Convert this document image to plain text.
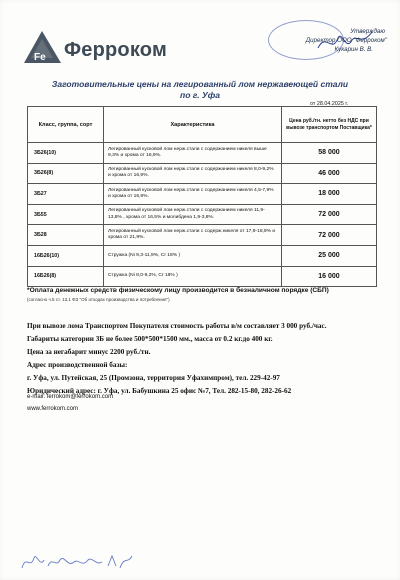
Fe Ферроком
Утверждаю
Директор ООО "Ферроком"
Кукарин В. В.
Заготовительные цены на легированный лом нержавеющей стали
по г. Уфа
от 28.04.2025 г.
Класс, группа, сорт	Характеристика	Цена руб./тн. нетто без НДС при вывозе транспортом Поставщика*
3Б26(10)	Легированный кусковой лом нерж.стали с содержанием никеля выше 9,3% и хрома от 16,9%.	58 000
3Б26(8)	Легированный кусковой лом нерж.стали с содержанием никеля 8,0-9,2% и хрома от 16,9%.	46 000
3Б27	Легированный кусковой лом нерж.стали с содержанием никеля 4,5-7,9% и хрома от 16,9%.	18 000
3Б55	Легированный кусковой лом нерж.стали с содержанием никеля 11,9-13,8% , хрома от 16,5% и молибдена 1,9-3,8%.	72 000
3Б28	Легированный кусковой лом нерж.стали с содерж.никеля от 17,9-18,9% и хрома от 21,9%.	72 000
16Б26(10)	Стружка (Ni 9,3-11,9%, Cr 18% )	25 000
16Б26(8)	Стружка (Ni 8,0-9,2%, Cr 18% )	16 000
*Оплата денежных средств физическому лицу производится в безналичном порядке (СБП)
(согласно ч.5 ст. 13.1 ФЗ "Об отходах производства и потребления")
При вывозе лома Транспортом Покупателя стоимость работы в/м составляет 3 000 руб./час.
Габариты категории 3Б не более 500*500*1500 мм., масса от 0.2 кг.до 400 кг.
Цена за негабарит минус 2200 руб./тн.
Адрес производственной базы:
г. Уфа, ул. Путейская, 25 (Промзона, территория Уфахимпром), тел. 229-42-97
Юридический адрес: г. Уфа, ул. Бабушкина 25 офис №7, Тел. 282-15-80, 282-26-62
e-mail: ferrokom@ferrokom.com
www.ferrokom.com
